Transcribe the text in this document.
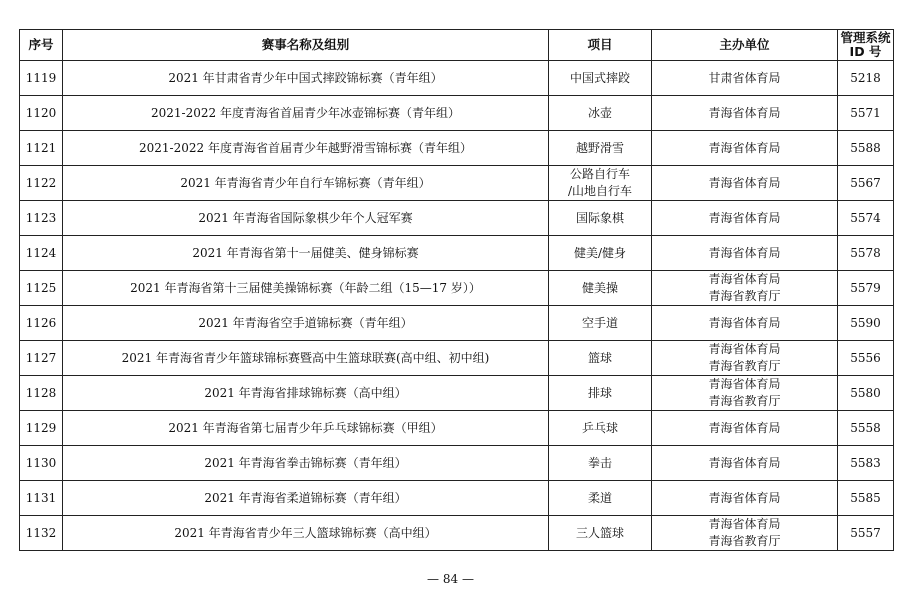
序号	赛事名称及组别	项目	主办单位	管理系统
ID 号

1119	2021 年甘肃省青少年中国式摔跤锦标赛（青年组）	中国式摔跤	甘肃省体育局	5218
1120	2021-2022 年度青海省首届青少年冰壶锦标赛（青年组）	冰壶	青海省体育局	5571
1121	2021-2022 年度青海省首届青少年越野滑雪锦标赛（青年组）	越野滑雪	青海省体育局	5588
1122	2021 年青海省青少年自行车锦标赛（青年组）	公路自行车
/山地自行车	青海省体育局	5567
1123	2021 年青海省国际象棋少年个人冠军赛	国际象棋	青海省体育局	5574
1124	2021 年青海省第十一届健美、健身锦标赛	健美/健身	青海省体育局	5578
1125	2021 年青海省第十三届健美操锦标赛（年龄二组（15—17 岁））	健美操	青海省体育局
青海省教育厅	5579
1126	2021 年青海省空手道锦标赛（青年组）	空手道	青海省体育局	5590
1127	2021 年青海省青少年篮球锦标赛暨高中生篮球联赛(高中组、初中组)	篮球	青海省体育局
青海省教育厅	5556
1128	2021 年青海省排球锦标赛（高中组）	排球	青海省体育局
青海省教育厅	5580
1129	2021 年青海省第七届青少年乒乓球锦标赛（甲组）	乒乓球	青海省体育局	5558
1130	2021 年青海省拳击锦标赛（青年组）	拳击	青海省体育局	5583
1131	2021 年青海省柔道锦标赛（青年组）	柔道	青海省体育局	5585
1132	2021 年青海省青少年三人篮球锦标赛（高中组）	三人篮球	青海省体育局
青海省教育厅	5557
— 84 —
